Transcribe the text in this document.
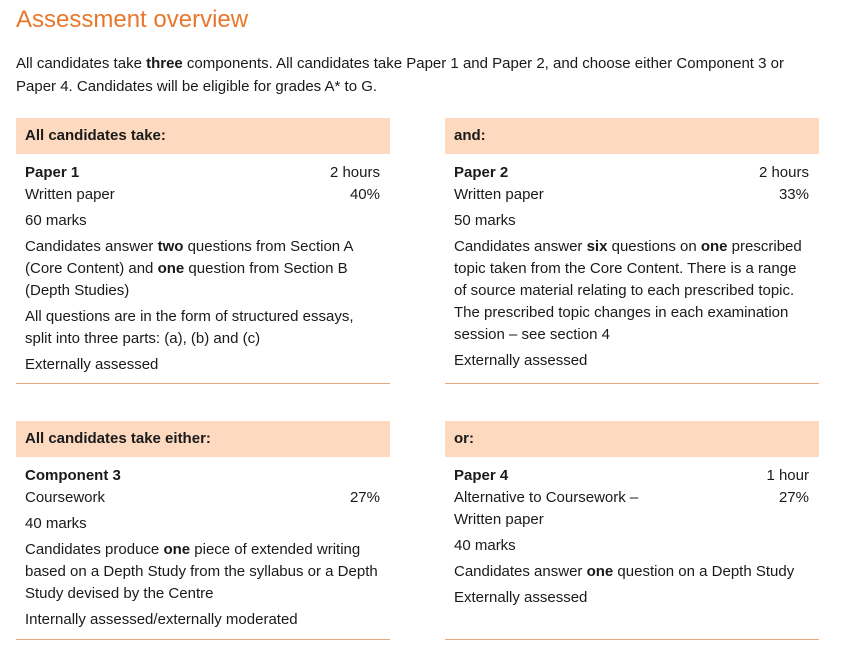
Assessment overview
All candidates take three components. All candidates take Paper 1 and Paper 2, and choose either Component 3 or Paper 4. Candidates will be eligible for grades A* to G.
All candidates take:
Paper 1	2 hours
Written paper	40%
60 marks
Candidates answer two questions from Section A (Core Content) and one question from Section B (Depth Studies)
All questions are in the form of structured essays, split into three parts: (a), (b) and (c)
Externally assessed
and:
Paper 2	2 hours
Written paper	33%
50 marks
Candidates answer six questions on one prescribed topic taken from the Core Content. There is a range of source material relating to each prescribed topic. The prescribed topic changes in each examination session – see section 4
Externally assessed
All candidates take either:
Component 3
Coursework	27%
40 marks
Candidates produce one piece of extended writing based on a Depth Study from the syllabus or a Depth Study devised by the Centre
Internally assessed/externally moderated
or:
Paper 4	1 hour
Alternative to Coursework – Written paper
27%
40 marks
Candidates answer one question on a Depth Study
Externally assessed
